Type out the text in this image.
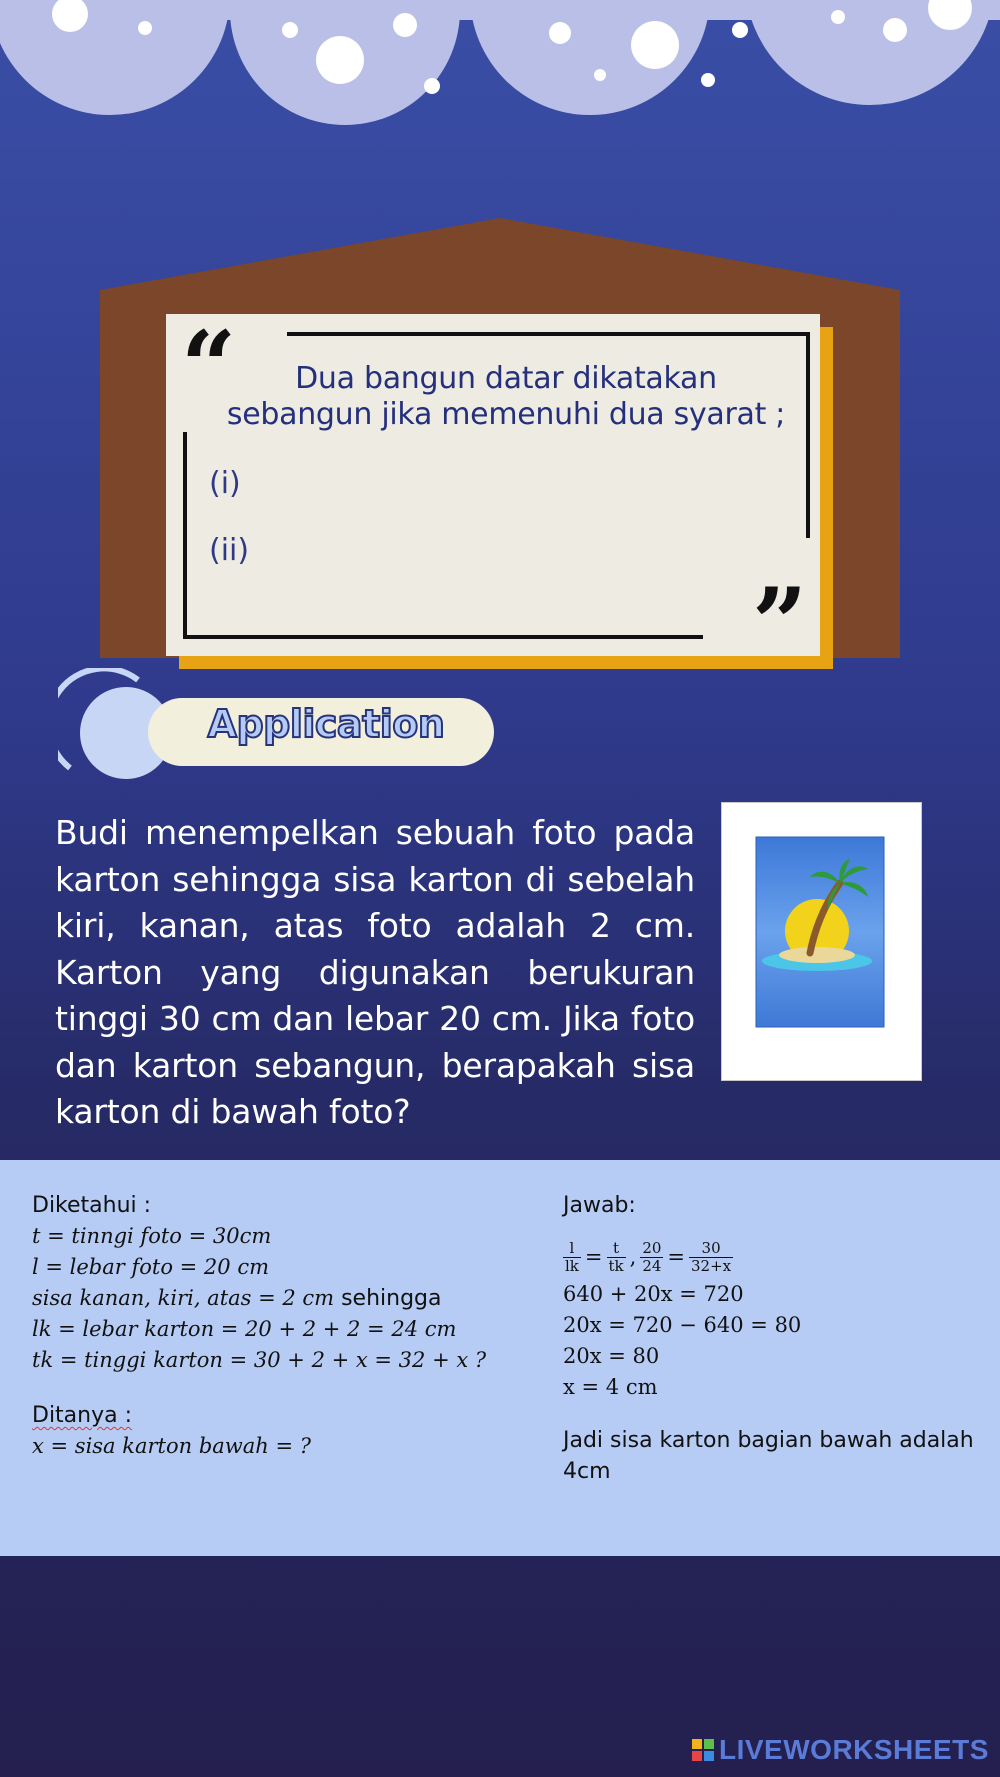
“
”
Dua bangun datar dikatakan
sebangun jika memenuhi dua syarat ;
(i)
(ii)
Application
Budi menempelkan sebuah foto pada karton sehingga sisa karton di sebelah kiri, kanan, atas foto adalah 2 cm. Karton yang digunakan berukuran tinggi 30 cm dan lebar 20 cm. Jika foto dan karton sebangun, berapakah sisa karton di bawah foto?
Diketahui :
t = tinngi foto = 30cm
l = lebar foto = 20 cm
sisa kanan, kiri, atas = 2 cm sehingga
lk = lebar karton = 20 + 2 + 2 = 24 cm
tk = tinggi karton = 30 + 2 + x = 32 + x ?
Ditanya :
x = sisa karton bawah = ?
Jawab:
$\frac{l}{lk} = \frac{t}{tk}$ , $\frac{20}{24} = \frac{30}{32+x}$
640 + 20x = 720
20x = 720 − 640 = 80
20x = 80
x = 4 cm
Jadi sisa karton bagian bawah adalah
4cm
LIVEWORKSHEETS
